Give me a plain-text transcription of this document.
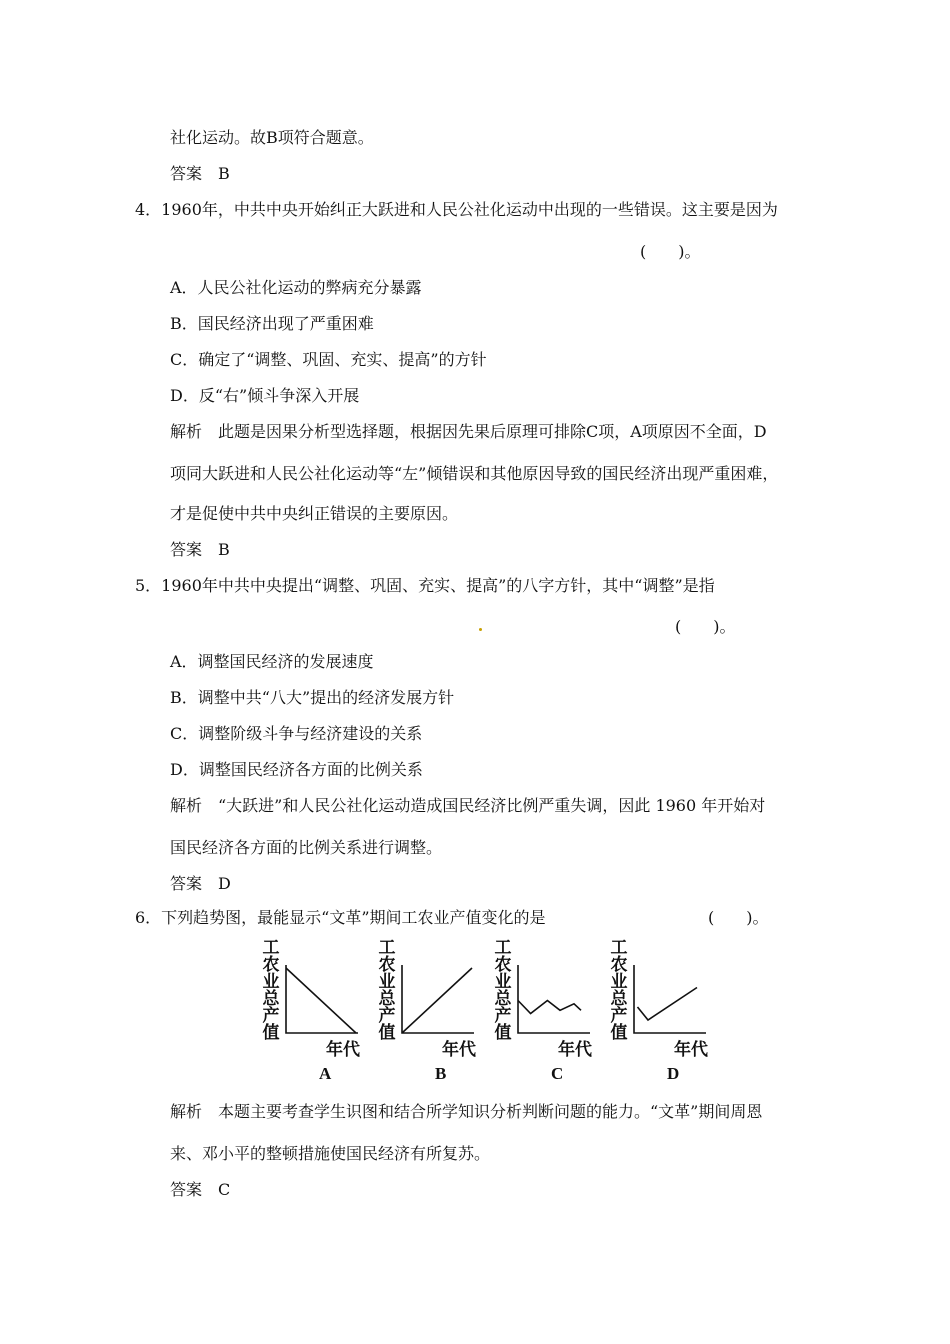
社化运动。故B项符合题意。
答案　B
4．1960年，中共中央开始纠正大跃进和人民公社化运动中出现的一些错误。这主要是因为
(　　)。
A．人民公社化运动的弊病充分暴露
B．国民经济出现了严重困难
C．确定了“调整、巩固、充实、提高”的方针
D．反“右”倾斗争深入开展
解析　此题是因果分析型选择题，根据因先果后原理可排除C项，A项原因不全面，D
项同大跃进和人民公社化运动等“左”倾错误和其他原因导致的国民经济出现严重困难，
才是促使中共中央纠正错误的主要原因。
答案　B
5．1960年中共中央提出“调整、巩固、充实、提高”的八字方针，其中“调整”是指
(　　)。
A．调整国民经济的发展速度
B．调整中共“八大”提出的经济发展方针
C．调整阶级斗争与经济建设的关系
D．调整国民经济各方面的比例关系
解析　“大跃进”和人民公社化运动造成国民经济比例严重失调，因此 1960 年开始对
国民经济各方面的比例关系进行调整。
答案　D
6．下列趋势图，最能显示“文革”期间工农业产值变化的是	(　　)。
工
农
业
总
产
值
年代
A
工
农
业
总
产
值
年代
B
工
农
业
总
产
值
年代
C
工
农
业
总
产
值
年代
D
解析　本题主要考查学生识图和结合所学知识分析判断问题的能力。“文革”期间周恩
来、邓小平的整顿措施使国民经济有所复苏。
答案　C
